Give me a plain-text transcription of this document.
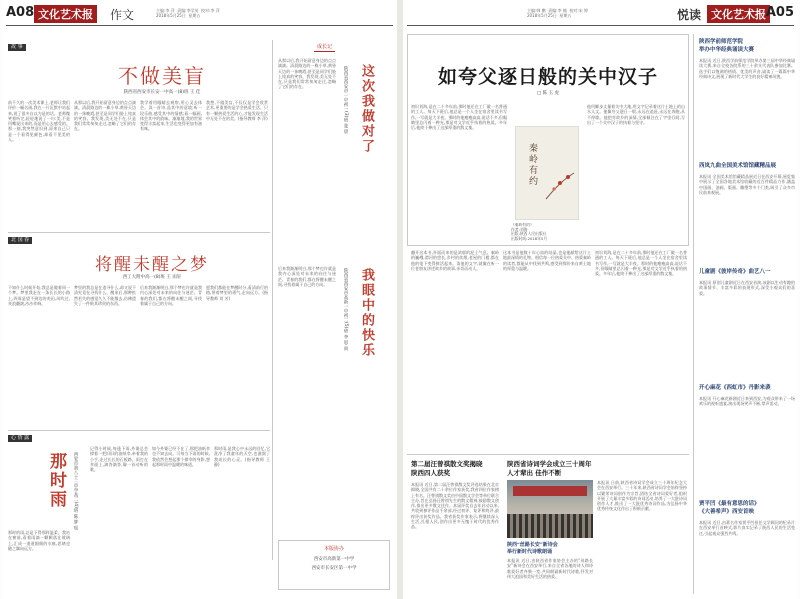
A08 文化艺术报	作文	主编:李 萍  责编:李学英  校对:李 萍
2018年5月25日  星期五
故 事	成长记
不做美盲
陕西省西安市长安一中高一(8)班 王 佳
前不久的一次美术课上,老师让我们评价一幅名画,我在一片沉默中站起来,说了很多自以为是的话。老师微笑着听完,轻轻地说了一句:美,不是用嘴说出来的,而是用心去感受的。那一刻,我突然意识到,原来自己只是一个看得见颜色,却看不见美的人。
从那以后,我开始留意身边的点点滴滴。清晨路边的一株小草,黄昏天边的一抹晚霞,甚至是同学们脸上纯真的笑容。我发现,美无处不在,只是我们常常匆匆走过,忽略了它们的存在。
我学着用眼睛去观察,用心灵去体会。读一首诗,品其中的意境;听一段乐曲,感受其中的情感;看一幅画,体会其中的韵味。渐渐地,我的世界变得丰富起来,生活也变得更加有滋有味。
我想,不做美盲,不仅仅是学会欣赏艺术,更重要的是学会热爱生活。只有一颗热爱生活的心,才能发现生活中无处不在的美。(指导教师 李 萍)	这次我做对了
陕西省西安市一中初一(3)班 张 晨
从那以后,我开始留意身边的点点滴滴。清晨路边的一株小草,黄昏天边的一抹晚霞,甚至是同学们脸上纯真的笑容。我发现,美无处不在,只是我们常常匆匆走过,忽略了它们的存在。
北 国 春
将醒未醒之梦
西工大附中高一(8)班 王 雨轩
不知什么时候开始,我总是做着同一个梦。梦里我走在一条长长的小路上,四周是望不到边的麦田,风吹过,麦浪翻滚,沙沙作响。
梦里的我总是在追寻什么,却又说不清究竟在寻找什么。醒来后,那种怅然若失的感觉久久不能散去,仿佛遗失了一件极其珍贵的东西。
后来我渐渐明白,那个梦也许就是我内心深处对未来的向往与迷茫。青春的我们,都在将醒未醒之间,寻找着属于自己的方向。
愿我们都能在梦醒时分,看清前行的路,带着梦里的勇气,走向远方。(指导教师 刘 芳)	我眼中的快乐
陕西省西安市高新一中初二(5)班 李 思 雨
后来我渐渐明白,那个梦也许就是我内心深处对未来的向往与迷茫。青春的我们,都在将醒未醒之间,寻找着属于自己的方向。
心 情 露
那时雨	西安市第八十三中学高二(4)班 陈 梦 瑶
那时的雨,总是下得那样温柔。我站在窗前,看着雨滴一颗颗落在玻璃上,汇成一道道细细的水痕,思绪也随之飘向远方。
记得小时候,每逢下雨,外婆总会撑着一把旧旧的油纸伞,牵着我的小手,走过长长的石板路。雨打在伞面上,滴答滴答,像一首动听的歌。
如今外婆已经不在了,那把油纸伞也不知去向。可每当下雨的时候,我依然会想起那个撑伞的身影,想起那时雨中温暖的味道。
那时雨,是我心中永远的回忆,它洗净了我童年的天空,也滋润了我成长的心灵。(指导教师 王 静)
本版协办
西安市高新第一中学
西安市长安区第一中学
主编:韩 鹏  责编:李 楠  校对:宋 婷
2018年5月25日  星期五	悦读 文化艺术报 A05
如夸父逐日般的关中汉子
□ 陈 ⽟ 虎
秦岭有约
《秦岭有约》
作者:刘海
出版:陕西人民出版社
出版时间:2018年5月
初识刘海,是在二十多年前,那时他还在工厂做一名普通的工人。每天下班后,他总是一个人坐在宿舍里读书写作,一写就是大半夜。那时的他瘦瘦高高,说话不多,但眼睛里总闪着一种光,那是对文学近乎执着的热爱。多年后,他终于捧出了这部厚重的散文集。
他用脚步丈量着关中大地,用文字记录着这片土地上的山水人文。他像夸父逐日一般,永远在追赶,永远在奔跑,从不停歇。他把对故乡的深情,全部倾注在了字里行间,写出了一个关中汉子的执着与坚守。
翻开这本书,扑面而来的是浓郁的泥土气息。秦岭的巍峨,渭河的悠长,乡村的炊烟,老屋的门楼,都在他的笔下变得鲜活起来。读他的文字,就像在听一位老朋友讲述故乡的故事,亲切而动人。
这本书是他数十年心血的结晶,也是他献给这片土地最深情的礼物。相信每一位热爱关中、热爱秦岭的读者,都能从中找到共鸣,感受到那份来自黄土地的厚重与温暖。
初识刘海,是在二十多年前,那时他还在工厂做一名普通的工人。每天下班后,他总是一个人坐在宿舍里读书写作,一写就是大半夜。那时的他瘦瘦高高,说话不多,但眼睛里总闪着一种光,那是对文学近乎执着的热爱。多年后,他终于捧出了这部厚重的散文集。
第二届汪曾祺散文奖揭晓
陕西四人获奖
本报讯 近日,第二届汪曾祺散文奖评选结果在北京揭晓,全国共有二十余位作家获奖,我省四位作家榜上有名。汪曾祺散文奖由中国散文学会等单位联合主办,旨在弘扬汪曾祺先生的散文精神,鼓励散文创作,推出更多散文佳作。本届评奖自去年启动以来,共收到参评作品千余部,经过初评、复评和终评,最终评出获奖作品。我省获奖作家表示,将继续深入生活,扎根人民,创作出更多无愧于时代的优秀作品。
陕西省诗词学会成立三十周年
人才辈出 佳作不断
本报讯 日前,陕西省诗词学会成立三十周年纪念大会在西安举行。三十年来,陕西省诗词学会始终坚持以繁荣诗词创作为宗旨,团结全省诗词爱好者,组织开展了大量丰富多彩的诗词活动,培养了一大批诗词创作人才,推出了一大批优秀诗词作品,为弘扬中华优秀传统文化作出了积极贡献。
陕西“丝路长安”新诗会
举行新时代诗歌朗诵
本报讯 近日,由陕西省作家协会主办的“丝路长安”新诗会在西安举行,来自全省各地的诗人和诗歌爱好者齐聚一堂,共同朗诵新时代诗歌,抒发对伟大祖国和美好生活的热爱。
陕西学前师范学院
举办中华经典诵读大赛
本报讯 近日,陕西学前师范学院举办第三届中华经典诵读大赛,来自全校各院系的三十余支代表队参加比赛。选手们以饱满的热情、优美的声音,诵读了一篇篇中华经典诗文,展现了新时代大学生的良好精神风貌。
西岚九曲全国美术馆馆藏精品展
本报讯 全国美术馆馆藏精品展近日在西安开幕,展览集中展示了全国各地美术馆收藏的近百件精品力作,涵盖中国画、油画、版画、雕塑等多个门类,吸引了众多市民前来观展。
儿童剧《彼岸传奇》曲艺八一
本报讯 原创儿童剧近日在西安首演,该剧以生动有趣的故事情节、丰富多彩的表现形式,深受小观众们的喜爱。
开心麻花《西虹市》丹影来袭
本报讯 开心麻花新剧近日来到西安,为观众带来了一场欢乐的视听盛宴,演出现场笑声不断,掌声雷动。
贾平凹《最有意思的话》
《大善希声》西安首映
本报讯 近日,由著名作家贾平凹担任文学顾问的纪录片在西安举行首映式,影片真实记录了陕西人民的生活变迁,引起观众强烈共鸣。
